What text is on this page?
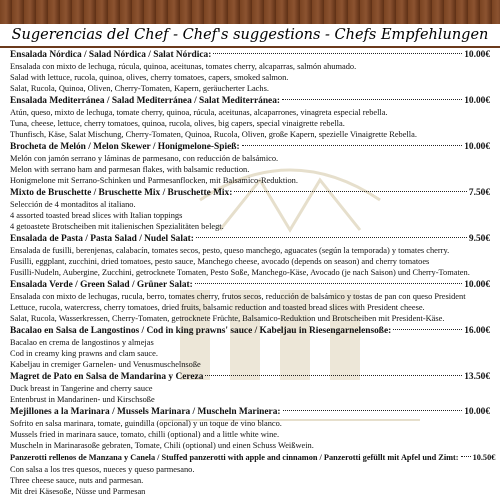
Sugerencias del Chef - Chef's suggestions - Chefs Empfehlungen
Ensalada Nórdica / Salad Nórdica / Salat Nórdica:	10.00€
Ensalada con mixto de lechuga, rúcula, quinoa, aceitunas, tomates cherry, alcaparras, salmón ahumado.
Salad with lettuce, rucola, quinoa, olives, cherry tomatoes, capers, smoked salmon.
Salat, Rucola, Quinoa, Oliven, Cherry-Tomaten, Kapern, geräucherter Lachs.
Ensalada Mediterránea / Salad Mediterránea / Salat Mediterránea:	10.00€
Atún, queso, mixto de lechuga, tomate cherry, quinoa, rúcula, aceitunas, alcaparrones, vinagreta especial rebella.
Tuna, cheese, lettuce, cherry tomatoes, quinoa, rucola, olives, big capers, special vinaigrette rebella.
Thunfisch, Käse, Salat Mischung, Cherry-Tomaten, Quinoa, Rucola, Oliven, große Kapern, spezielle Vinaigrette Rebella.
Brocheta de Melón / Melon Skewer / Honigmelone-Spieß:	10.00€
Melón con jamón serrano y láminas de parmesano, con reducción de balsámico.
Melon with serrano ham and parmesan flakes, with balsamic reduction.
Honigmelone mit Serrano-Schinken und Parmesanflocken, mit Balsamico-Reduktion.
Mixto de Bruschette / Bruschette Mix / Bruschette Mix:	7.50€
Selección de 4 montaditos al italiano.
4 assorted toasted bread slices with Italian toppings
4 getoastete Brotscheiben mit italienischen Spezialitäten belegt.
Ensalada de Pasta / Pasta Salad / Nudel Salat:	9.50€
Ensalada de fusilli, berenjenas, calabacín, tomates secos, pesto, queso manchego, aguacates (según la temporada) y tomates cherry.
Fusilli, eggplant, zucchini, dried tomatoes, pesto sauce, Manchego cheese, avocado (depends on season) and cherry tomatoes
Fusilli-Nudeln, Aubergine, Zucchini, getrocknete Tomaten, Pesto Soße, Manchego-Käse, Avocado (je nach Saison) und Cherry-Tomaten.
Ensalada Verde / Green Salad / Grüner Salat:	10.00€
Ensalada con mixto de lechugas, rucula, berro, tomates cherry, frutos secos, reducción de balsámico y tostas de pan con queso President
Lettuce, rucola, watercress, cherry tomatoes, dried fruits, balsamic reduction and toasted bread slices with President cheese.
Salat, Rucola, Wasserkressen, Cherry-Tomaten, getrocknete Früchte, Balsamico-Reduktion und Brotscheiben mit President-Käse.
Bacalao en Salsa de Langostinos / Cod in king prawns' sauce / Kabeljau in Riesengarnelensoße:	16.00€
Bacalao en crema de langostinos y almejas
Cod in creamy king prawns and clam sauce.
Kabeljau in cremiger Garnelen- und Venusmuschelnsoße
Magret de Pato en Salsa de Mandarina y Cereza	13.50€
Duck breast in Tangerine and cherry sauce
Entenbrust in Mandarinen- und Kirschsoße
Mejillones a la Marinara / Mussels Marinara / Muscheln Marinera:	10.00€
Sofrito en salsa marinara, tomate, guindilla (opcional) y un toque de vino blanco.
Mussels fried in marinara sauce, tomato, chilli (optional) and a little white wine.
Muscheln in Marinarasoße gebraten, Tomate, Chili (optional) und einen Schuss Weißwein.
Panzerotti rellenos de Manzana y Canela / Stuffed panzerotti with apple and cinnamon / Panzerotti gefüllt mit Apfel und Zimt: 10.50€
Con salsa a los tres quesos, nueces y queso parmesano.
Three cheese sauce, nuts and parmesan.
Mit drei Käsesoße, Nüsse und Parmesan
